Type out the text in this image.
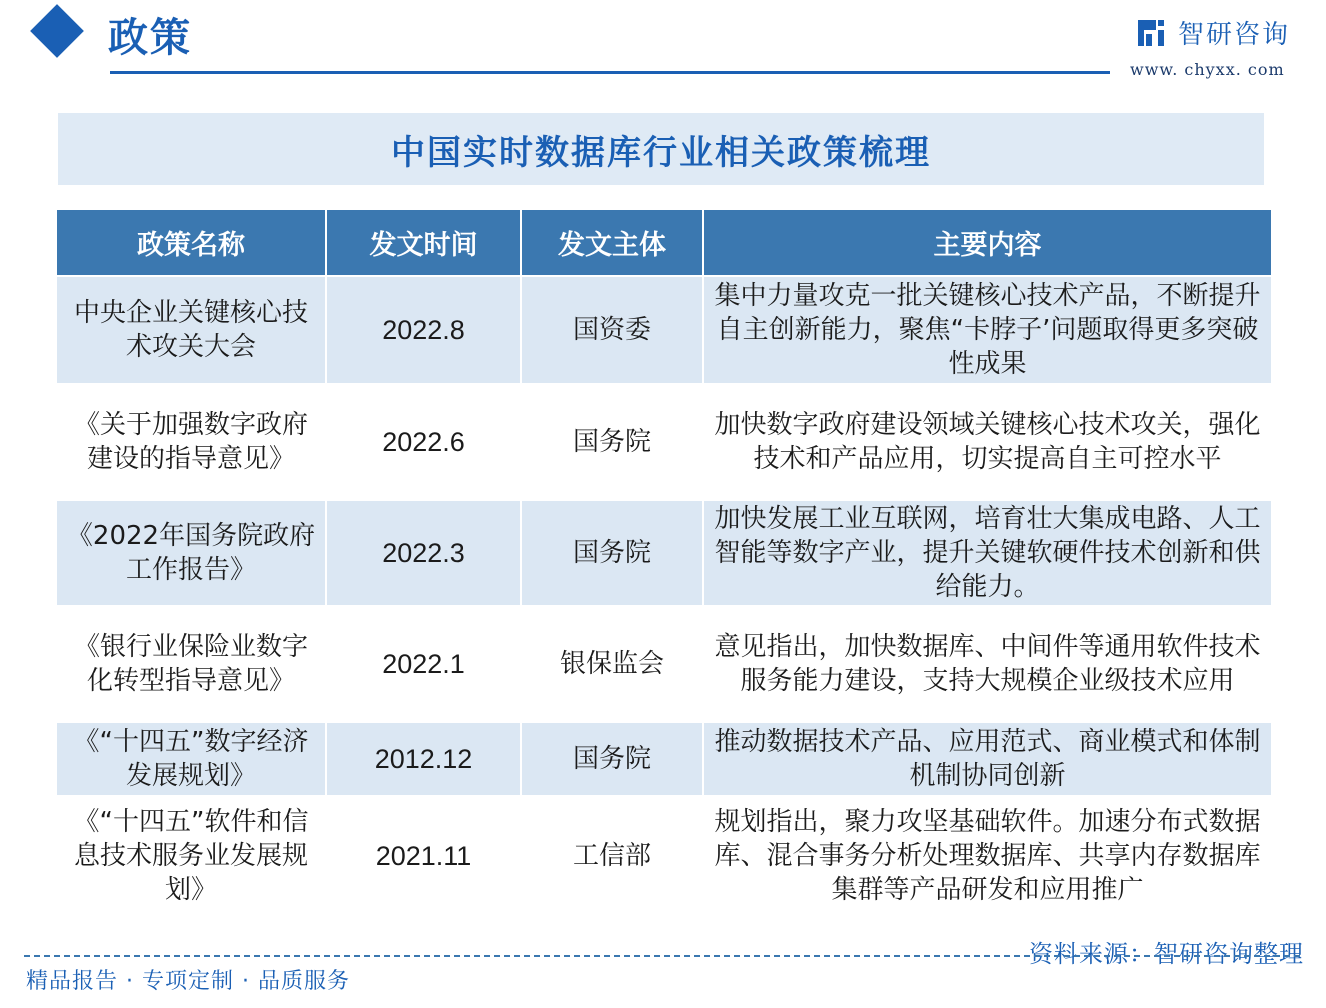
政策	智研咨询
www. chyxx. com
中国实时数据库行业相关政策梳理
政策名称	发文时间	发文主体	主要内容
中央企业关键核心技术攻关大会	2022.8	国资委	集中力量攻克一批关键核心技术产品，不断提升自主创新能力，聚焦“卡脖子’问题取得更多突破性成果
《关于加强数字政府建设的指导意见》	2022.6	国务院	加快数字政府建设领域关键核心技术攻关，强化技术和产品应用，切实提高自主可控水平
《2022年国务院政府工作报告》	2022.3	国务院	加快发展工业互联网，培育壮大集成电路、人工智能等数字产业，提升关键软硬件技术创新和供给能力。
《银行业保险业数字化转型指导意见》	2022.1	银保监会	意见指出，加快数据库、中间件等通用软件技术服务能力建设，支持大规模企业级技术应用
《“十四五”数字经济发展规划》	2012.12	国务院	推动数据技术产品、应用范式、商业模式和体制机制协同创新
《“十四五”软件和信息技术服务业发展规划》	2021.11	工信部	规划指出，聚力攻坚基础软件。加速分布式数据库、混合事务分析处理数据库、共享内存数据库集群等产品研发和应用推广
资料来源：智研咨询整理
精品报告 · 专项定制 · 品质服务
